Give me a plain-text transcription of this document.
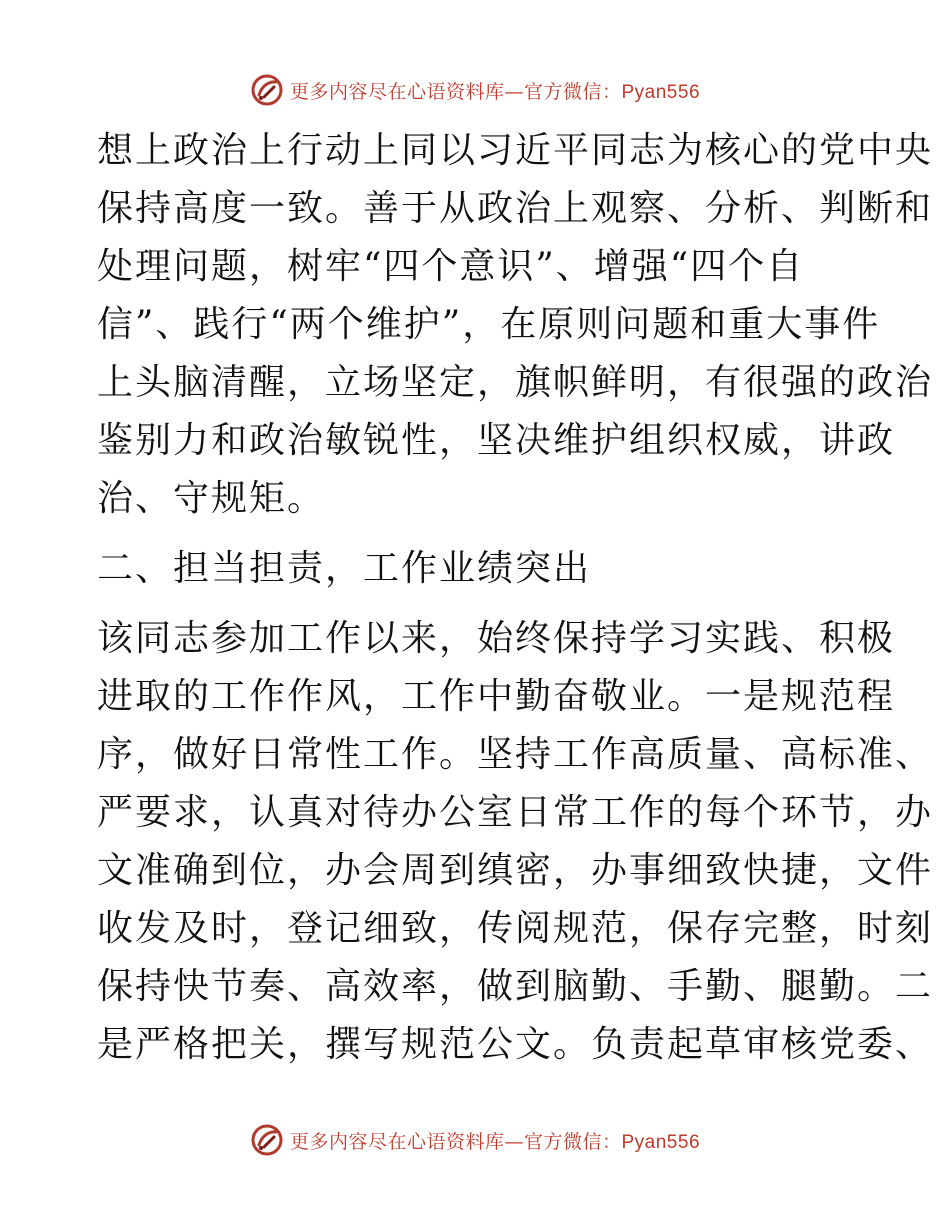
更多内容尽在心语资料库—官方微信：Pyan556
想上政治上行动上同以习近平同志为核心的党中央
保持高度一致。善于从政治上观察、分析、判断和
处理问题，树牢“四个意识”、增强“四个自
信”、践行“两个维护”，在原则问题和重大事件
上头脑清醒，立场坚定，旗帜鲜明，有很强的政治
鉴别力和政治敏锐性，坚决维护组织权威，讲政
治、守规矩。
二、担当担责，工作业绩突出
该同志参加工作以来，始终保持学习实践、积极
进取的工作作风，工作中勤奋敬业。一是规范程
序，做好日常性工作。坚持工作高质量、高标准、
严要求，认真对待办公室日常工作的每个环节，办
文准确到位，办会周到缜密，办事细致快捷，文件
收发及时，登记细致，传阅规范，保存完整，时刻
保持快节奏、高效率，做到脑勤、手勤、腿勤。二
是严格把关，撰写规范公文。负责起草审核党委、
更多内容尽在心语资料库—官方微信：Pyan556
